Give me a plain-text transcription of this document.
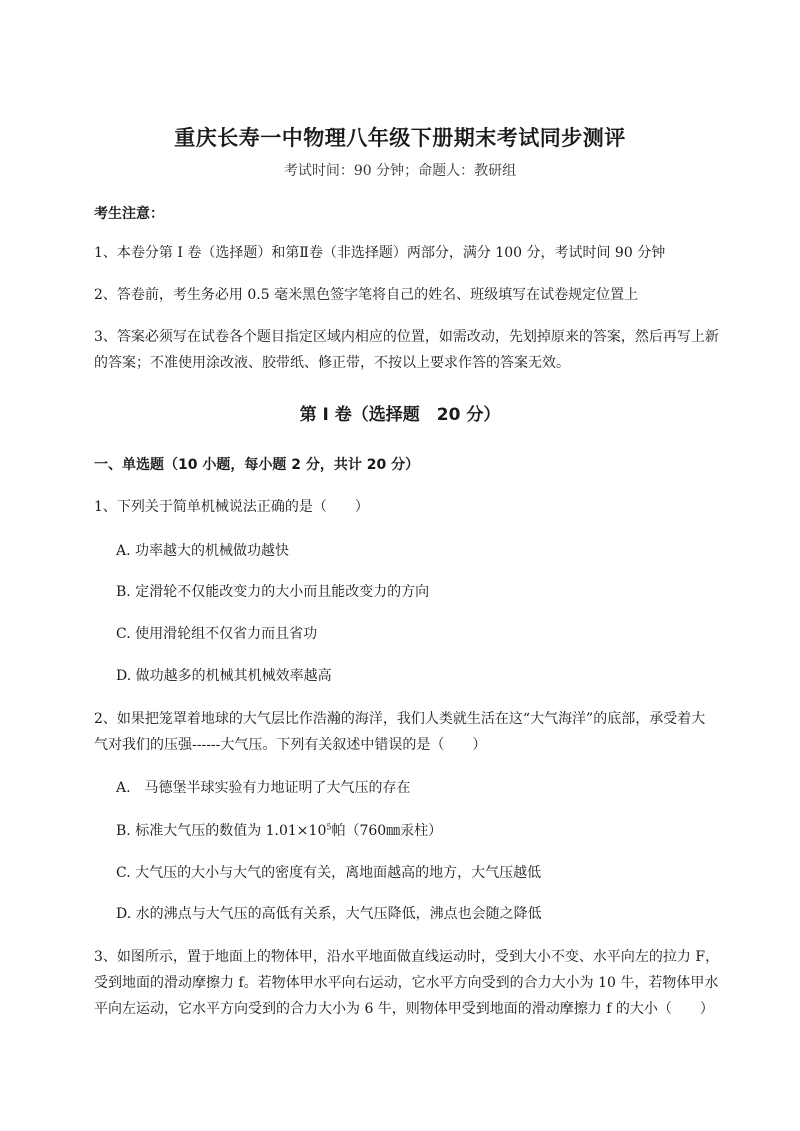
重庆长寿一中物理八年级下册期末考试同步测评
考试时间：90 分钟；命题人：教研组
考生注意：
1、本卷分第 I 卷（选择题）和第Ⅱ卷（非选择题）两部分，满分 100 分，考试时间 90 分钟
2、答卷前，考生务必用 0.5 毫米黑色签字笔将自己的姓名、班级填写在试卷规定位置上
3、答案必须写在试卷各个题目指定区域内相应的位置，如需改动，先划掉原来的答案，然后再写上新
的答案；不准使用涂改液、胶带纸、修正带，不按以上要求作答的答案无效。
第 I 卷（选择题　20 分）
一、单选题（10 小题，每小题 2 分，共计 20 分）
1、下列关于简单机械说法正确的是（　　）
A. 功率越大的机械做功越快
B. 定滑轮不仅能改变力的大小而且能改变力的方向
C. 使用滑轮组不仅省力而且省功
D. 做功越多的机械其机械效率越高
2、如果把笼罩着地球的大气层比作浩瀚的海洋，我们人类就生活在这“大气海洋”的底部，承受着大
气对我们的压强------大气压。下列有关叙述中错误的是（　　）
A.　马德堡半球实验有力地证明了大气压的存在
B. 标准大气压的数值为 $1.01\times 10^5$帕（760㎜汞柱）
C. 大气压的大小与大气的密度有关，离地面越高的地方，大气压越低
D. 水的沸点与大气压的高低有关系，大气压降低，沸点也会随之降低
3、如图所示，置于地面上的物体甲，沿水平地面做直线运动时，受到大小不变、水平向左的拉力 F，
受到地面的滑动摩擦力 f。若物体甲水平向右运动，它水平方向受到的合力大小为 10 牛，若物体甲水
平向左运动，它水平方向受到的合力大小为 6 牛，则物体甲受到地面的滑动摩擦力 f 的大小（　　）
